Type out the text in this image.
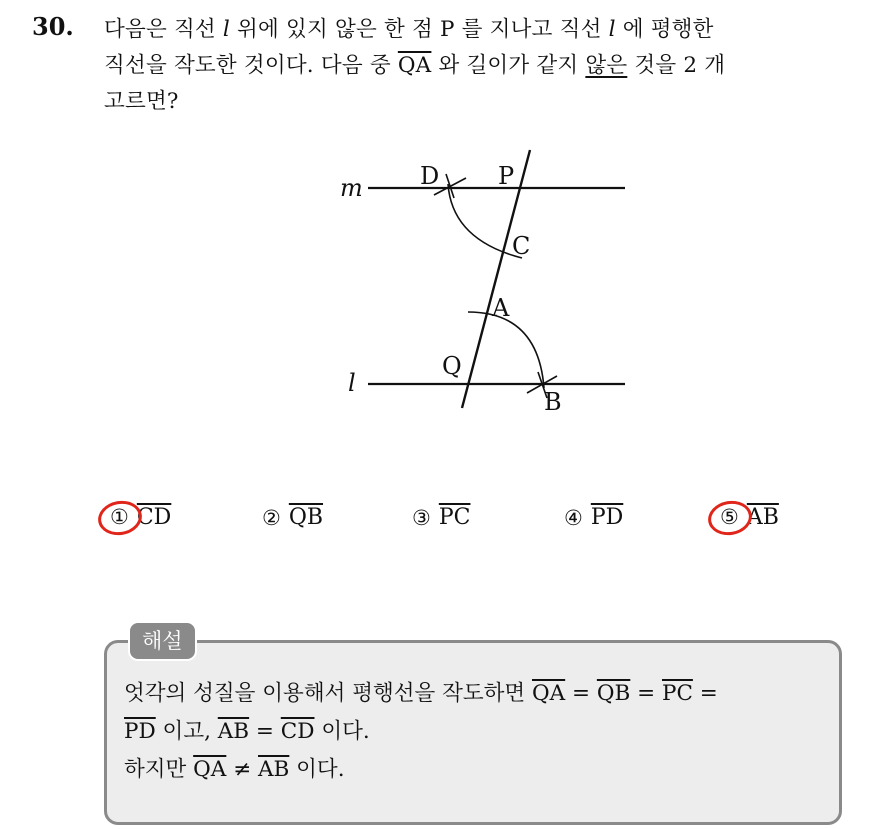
30. 다음은 직선 l 위에 있지 않은 한 점 P 를 지나고 직선 l 에 평행한
직선을 작도한 것이다. 다음 중 $\overline{QA}$ 와 길이가 같지 않은 것을 2 개
고르면?
m
l
D P
C
A
Q
B
① $\overline{CD}$	② $\overline{QB}$	③ $\overline{PC}$	④ $\overline{PD}$	⑤ $\overline{AB}$
해설
엇각의 성질을 이용해서 평행선을 작도하면 $\overline{QA} = \overline{QB} = \overline{PC}$ =
$\overline{PD}$ 이고, $\overline{AB} = \overline{CD}$ 이다.
하지만 $\overline{QA} \ne \overline{AB}$ 이다.
